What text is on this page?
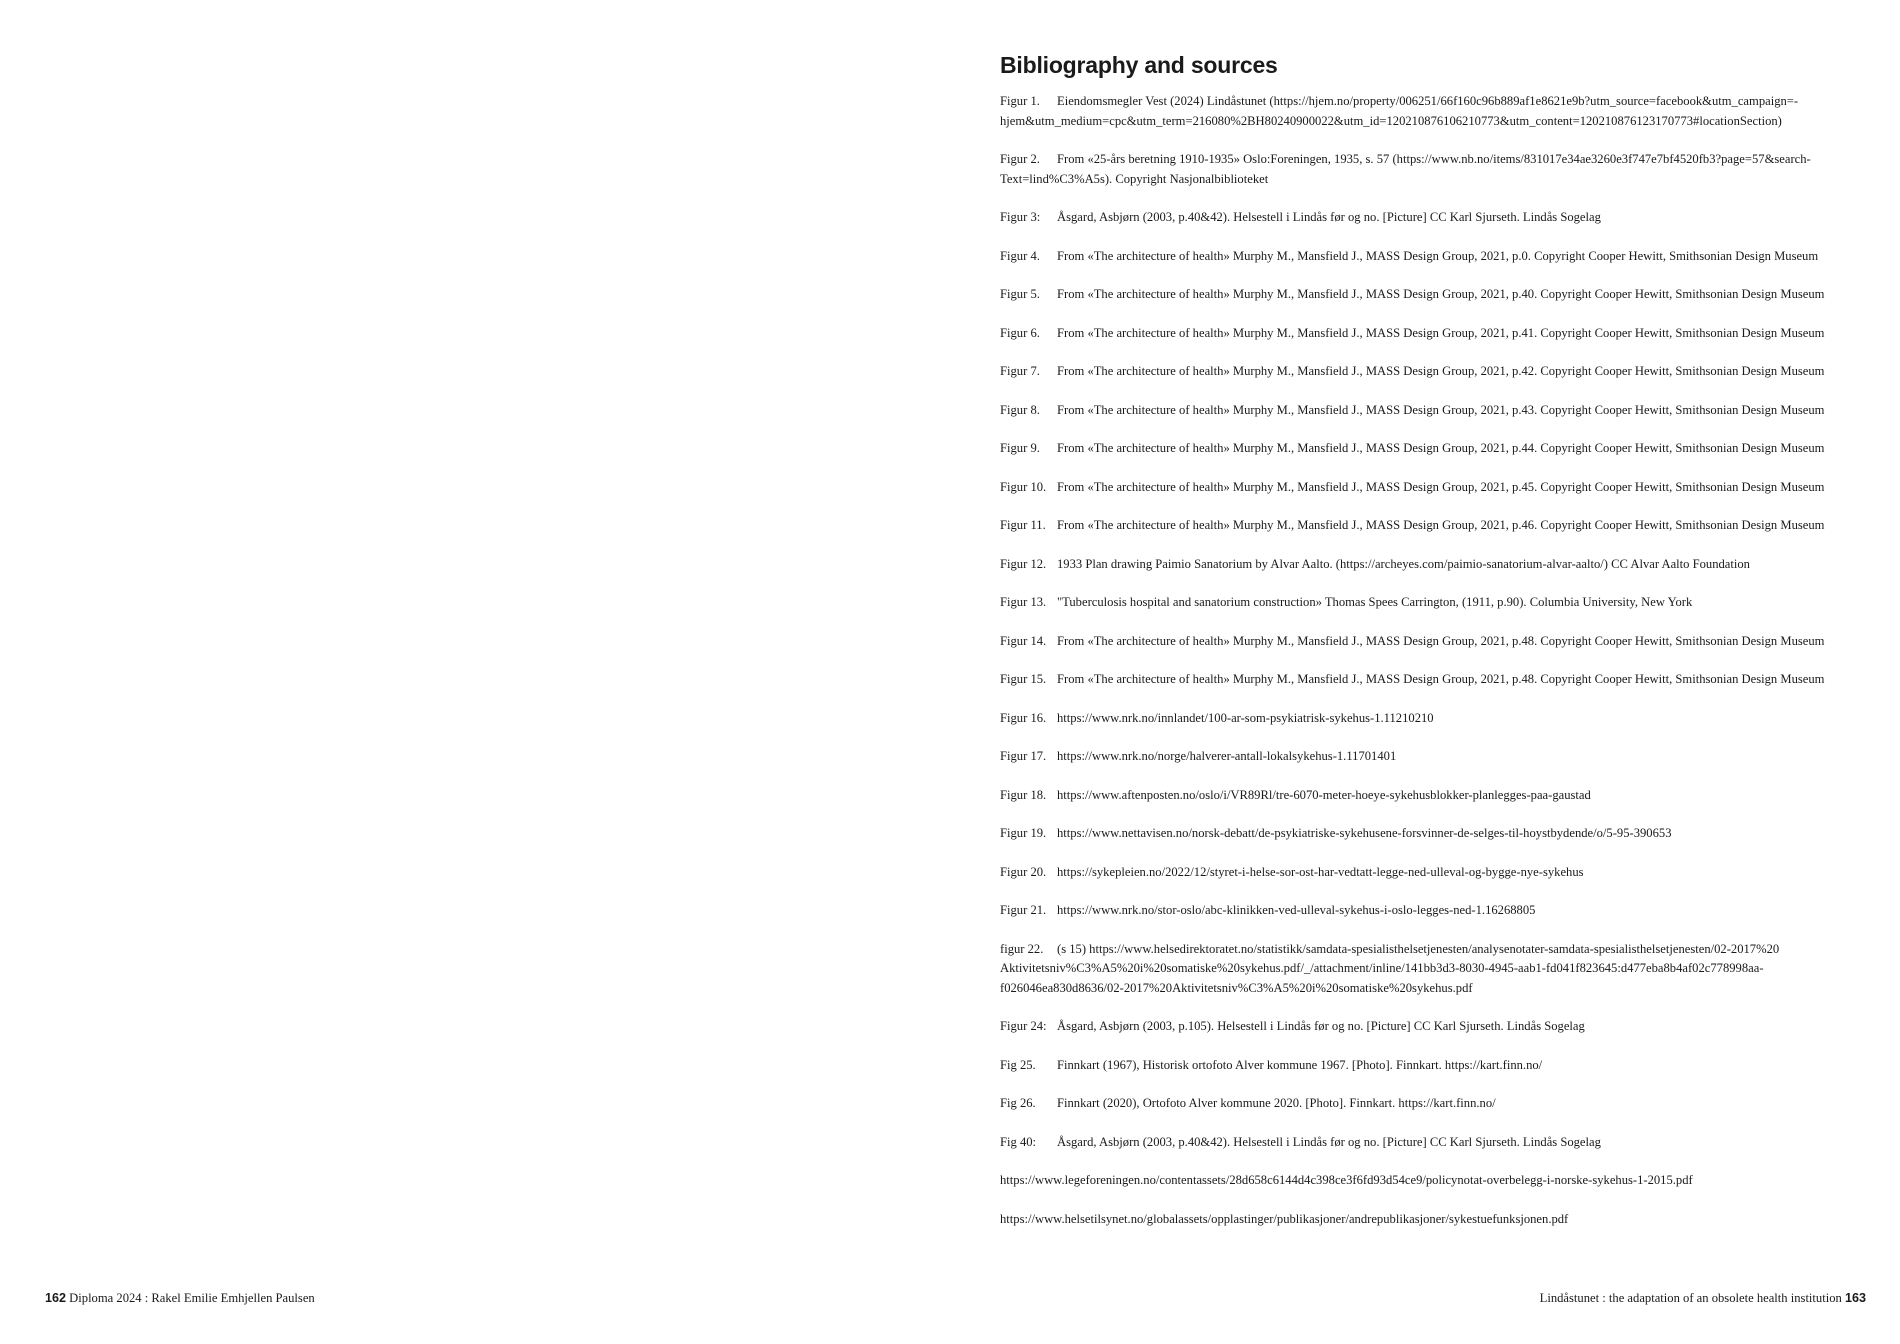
Bibliography and sources
Figur 1. Eiendomsmegler Vest (2024) Lindåstunet (https://hjem.no/property/006251/66f160c96b889af1e8621e9b?utm_source=facebook&utm_campaign=-hjem&utm_medium=cpc&utm_term=216080%2BH80240900022&utm_id=120210876106210773&utm_content=120210876123170773#locationSection)
Figur 2. From «25-års beretning 1910-1935» Oslo:Foreningen, 1935, s. 57 (https://www.nb.no/items/831017e34ae3260e3f747e7bf4520fb3?page=57&search-Text=lind%C3%A5s). Copyright Nasjonalbiblioteket
Figur 3: Åsgard, Asbjørn (2003, p.40&42). Helsestell i Lindås før og no. [Picture] CC Karl Sjurseth. Lindås Sogelag
Figur 4. From «The architecture of health» Murphy M., Mansfield J., MASS Design Group, 2021, p.0. Copyright Cooper Hewitt, Smithsonian Design Museum
Figur 5. From «The architecture of health» Murphy M., Mansfield J., MASS Design Group, 2021, p.40. Copyright Cooper Hewitt, Smithsonian Design Museum
Figur 6. From «The architecture of health» Murphy M., Mansfield J., MASS Design Group, 2021, p.41. Copyright Cooper Hewitt, Smithsonian Design Museum
Figur 7. From «The architecture of health» Murphy M., Mansfield J., MASS Design Group, 2021, p.42. Copyright Cooper Hewitt, Smithsonian Design Museum
Figur 8. From «The architecture of health» Murphy M., Mansfield J., MASS Design Group, 2021, p.43. Copyright Cooper Hewitt, Smithsonian Design Museum
Figur 9. From «The architecture of health» Murphy M., Mansfield J., MASS Design Group, 2021, p.44. Copyright Cooper Hewitt, Smithsonian Design Museum
Figur 10. From «The architecture of health» Murphy M., Mansfield J., MASS Design Group, 2021, p.45. Copyright Cooper Hewitt, Smithsonian Design Museum
Figur 11. From «The architecture of health» Murphy M., Mansfield J., MASS Design Group, 2021, p.46. Copyright Cooper Hewitt, Smithsonian Design Museum
Figur 12. 1933 Plan drawing Paimio Sanatorium by Alvar Aalto. (https://archeyes.com/paimio-sanatorium-alvar-aalto/) CC Alvar Aalto Foundation
Figur 13. "Tuberculosis hospital and sanatorium construction» Thomas Spees Carrington, (1911, p.90). Columbia University, New York
Figur 14. From «The architecture of health» Murphy M., Mansfield J., MASS Design Group, 2021, p.48. Copyright Cooper Hewitt, Smithsonian Design Museum
Figur 15. From «The architecture of health» Murphy M., Mansfield J., MASS Design Group, 2021, p.48. Copyright Cooper Hewitt, Smithsonian Design Museum
Figur 16. https://www.nrk.no/innlandet/100-ar-som-psykiatrisk-sykehus-1.11210210
Figur 17. https://www.nrk.no/norge/halverer-antall-lokalsykehus-1.11701401
Figur 18. https://www.aftenposten.no/oslo/i/VR89Rl/tre-6070-meter-hoeye-sykehusblokker-planlegges-paa-gaustad
Figur 19. https://www.nettavisen.no/norsk-debatt/de-psykiatriske-sykehusene-forsvinner-de-selges-til-hoystbydende/o/5-95-390653
Figur 20. https://sykepleien.no/2022/12/styret-i-helse-sor-ost-har-vedtatt-legge-ned-ulleval-og-bygge-nye-sykehus
Figur 21. https://www.nrk.no/stor-oslo/abc-klinikken-ved-ulleval-sykehus-i-oslo-legges-ned-1.16268805
figur 22. (s 15) https://www.helsedirektoratet.no/statistikk/samdata-spesialisthelsetjenesten/analysenotater-samdata-spesialisthelsetjenesten/02-2017%20 Aktivitetsniv%C3%A5%20i%20somatiske%20sykehus.pdf/_/attachment/inline/141bb3d3-8030-4945-aab1-fd041f823645:d477eba8b4af02c778998aa-f026046ea830d8636/02-2017%20Aktivitetsniv%C3%A5%20i%20somatiske%20sykehus.pdf
Figur 24: Åsgard, Asbjørn (2003, p.105). Helsestell i Lindås før og no. [Picture] CC Karl Sjurseth. Lindås Sogelag
Fig 25. Finnkart (1967), Historisk ortofoto Alver kommune 1967. [Photo]. Finnkart. https://kart.finn.no/
Fig 26. Finnkart (2020), Ortofoto Alver kommune 2020. [Photo]. Finnkart. https://kart.finn.no/
Fig 40: Åsgard, Asbjørn (2003, p.40&42). Helsestell i Lindås før og no. [Picture] CC Karl Sjurseth. Lindås Sogelag
https://www.legeforeningen.no/contentassets/28d658c6144d4c398ce3f6fd93d54ce9/policynotat-overbelegg-i-norske-sykehus-1-2015.pdf
https://www.helsetilsynet.no/globalassets/opplastinger/publikasjoner/andrepublikasjoner/sykestuefunksjonen.pdf
162 Diploma 2024 : Rakel Emilie Emhjellen Paulsen	Lindåstunet : the adaptation of an obsolete health institution 163
